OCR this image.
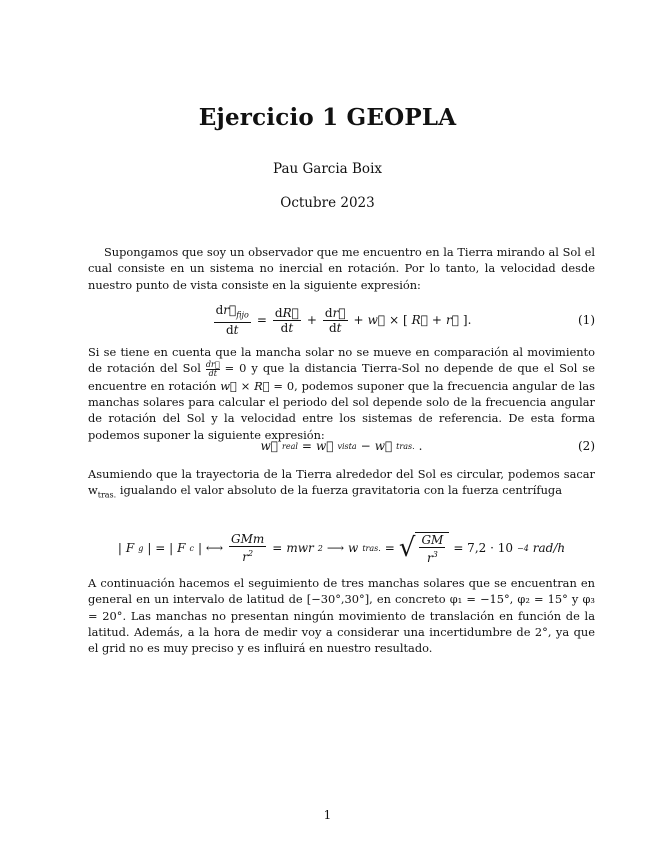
Ejercicio 1 GEOPLA
Pau Garcia Boix
Octubre 2023

Supongamos que soy un observador que me encuentro en la Tierra mirando al Sol el cual consiste en un sistema no inercial en rotación. Por lo tanto, la velocidad desde nuestro punto de vista consiste en la siguiente expresión:

$\frac{dr⃗_{fijo}}{dt} = \frac{dR⃗}{dt} + \frac{dr⃗}{dt}$ + w⃗ × [ R⃗ + r⃗ ].	(1)

Si se tiene en cuenta que la mancha solar no se mueve en comparación al movimiento de rotación del Sol $\frac{dr⃗}{dt} = 0$ y que la distancia Tierra-Sol no depende de que el Sol se encuentre en rotación w⃗ × R⃗ = 0, podemos suponer que la frecuencia angular de las manchas solares para calcular el periodo del sol depende solo de la frecuencia angular de rotación del Sol y la velocidad entre los sistemas de referencia. De esta forma podemos suponer la siguiente expresión:

w⃗ real = w⃗ vista − w⃗ tras. .	(2)

Asumiendo que la trayectoria de la Tierra alrededor del Sol es circular, podemos sacar $w_{tras.}$ igualando el valor absoluto de la fuerza gravitatoria con la fuerza centrífuga

| F g | = | F c | ⟷ $\frac{\text{GMm}}{r^2}$ = mwr 2 ⟶ w tras. = √ $\frac{GM}{r^3} = 7,2 \cdot 10 -4$ rad/h

A continuación hacemos el seguimiento de tres manchas solares que se encuentran en general en un intervalo de latitud de [−30°,30°], en concreto φ₁ = −15°, φ₂ = 15° y φ₃ = 20°. Las manchas no presentan ningún movimiento de translación en función de la latitud. Además, a la hora de medir voy a considerar una incertidumbre de 2°, ya que el grid no es muy preciso y es influirá en nuestro resultado.

1
